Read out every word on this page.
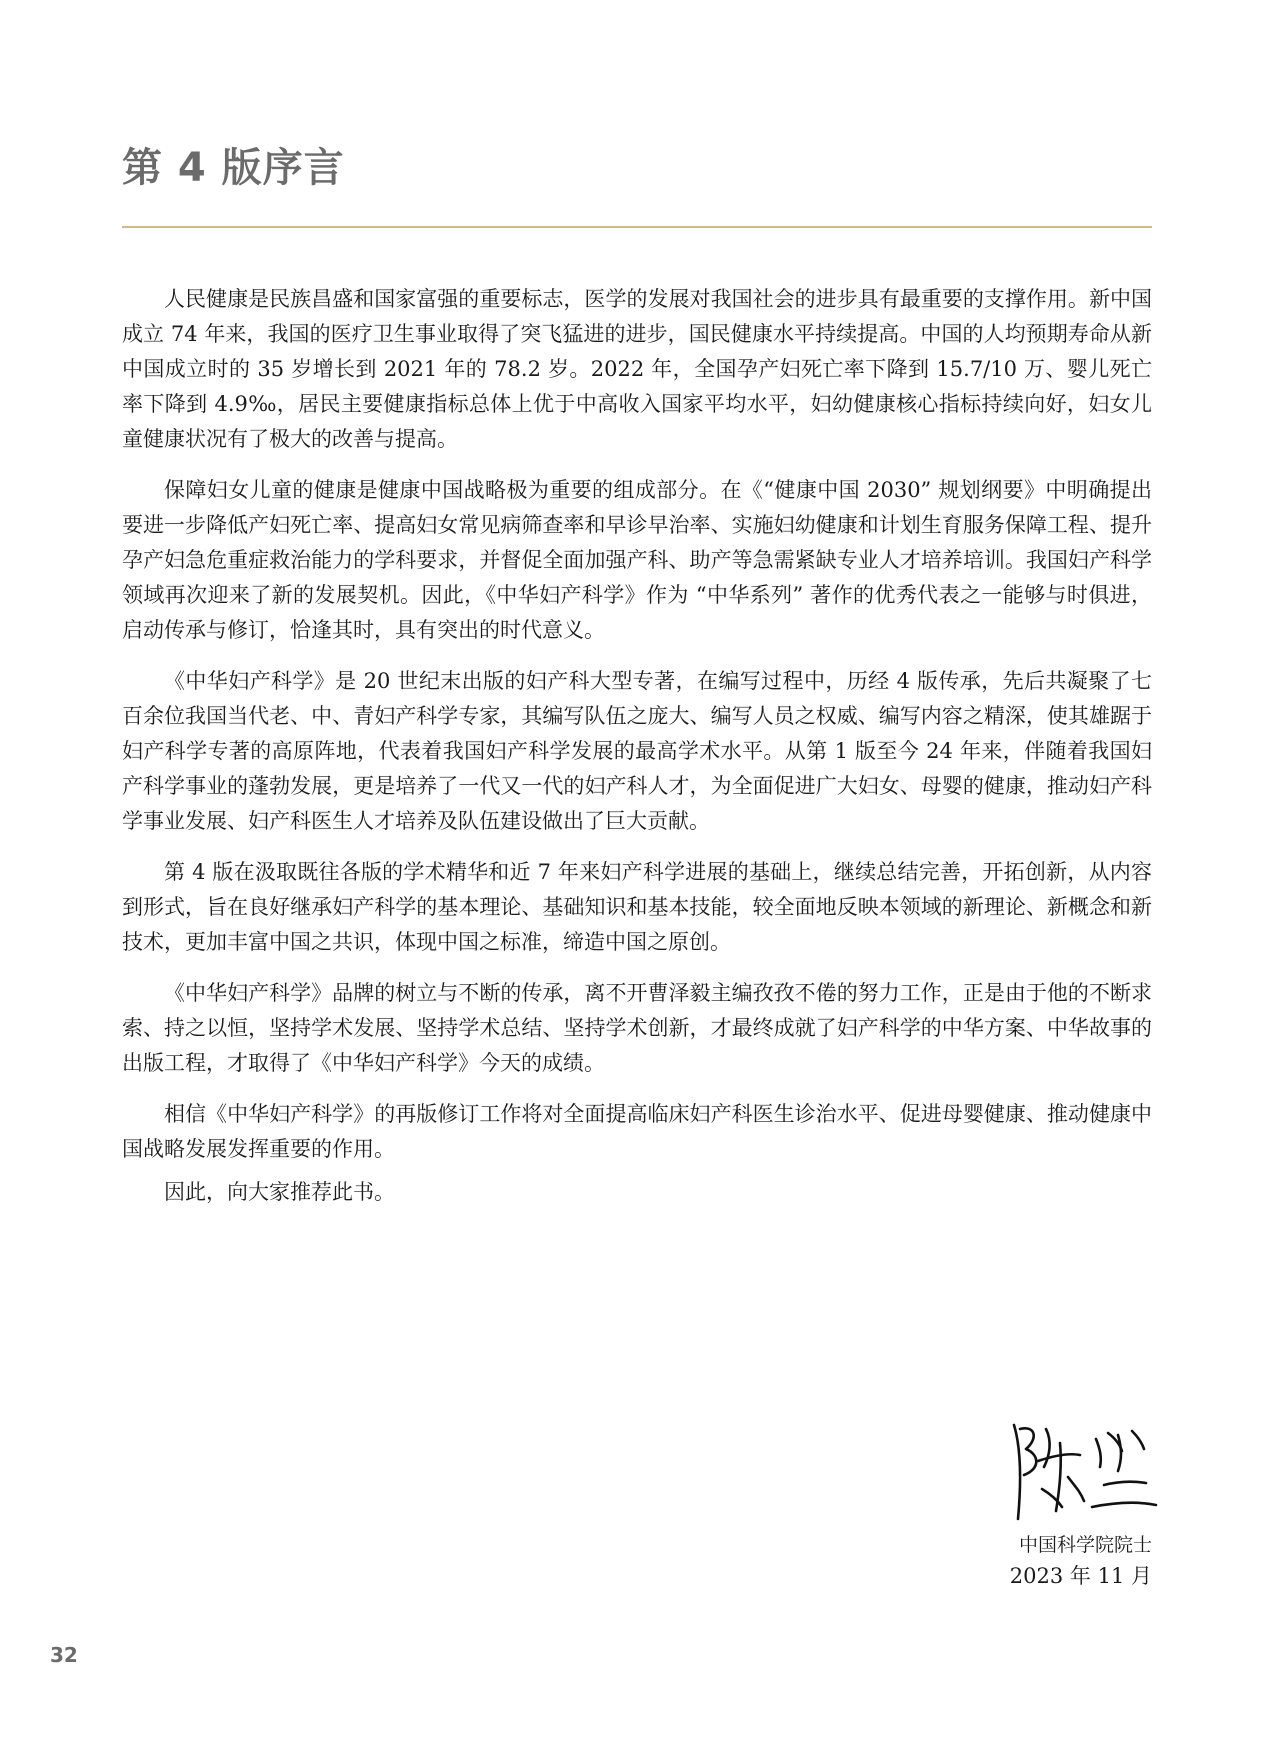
第 4 版序言

人民健康是民族昌盛和国家富强的重要标志，医学的发展对我国社会的进步具有最重要的支撑作用。新中国成立 74 年来，我国的医疗卫生事业取得了突飞猛进的进步，国民健康水平持续提高。中国的人均预期寿命从新中国成立时的 35 岁增长到 2021 年的 78.2 岁。2022 年，全国孕产妇死亡率下降到 15.7/10 万、婴儿死亡率下降到 4.9‰，居民主要健康指标总体上优于中高收入国家平均水平，妇幼健康核心指标持续向好，妇女儿童健康状况有了极大的改善与提高。

保障妇女儿童的健康是健康中国战略极为重要的组成部分。在《“健康中国 2030” 规划纲要》中明确提出要进一步降低产妇死亡率、提高妇女常见病筛查率和早诊早治率、实施妇幼健康和计划生育服务保障工程、提升孕产妇急危重症救治能力的学科要求，并督促全面加强产科、助产等急需紧缺专业人才培养培训。我国妇产科学领域再次迎来了新的发展契机。因此，《中华妇产科学》作为 “中华系列” 著作的优秀代表之一能够与时俱进，启动传承与修订，恰逢其时，具有突出的时代意义。

《中华妇产科学》是 20 世纪末出版的妇产科大型专著，在编写过程中，历经 4 版传承，先后共凝聚了七百余位我国当代老、中、青妇产科学专家，其编写队伍之庞大、编写人员之权威、编写内容之精深，使其雄踞于妇产科学专著的高原阵地，代表着我国妇产科学发展的最高学术水平。从第 1 版至今 24 年来，伴随着我国妇产科学事业的蓬勃发展，更是培养了一代又一代的妇产科人才，为全面促进广大妇女、母婴的健康，推动妇产科学事业发展、妇产科医生人才培养及队伍建设做出了巨大贡献。

第 4 版在汲取既往各版的学术精华和近 7 年来妇产科学进展的基础上，继续总结完善，开拓创新，从内容到形式，旨在良好继承妇产科学的基本理论、基础知识和基本技能，较全面地反映本领域的新理论、新概念和新技术，更加丰富中国之共识，体现中国之标准，缔造中国之原创。

《中华妇产科学》品牌的树立与不断的传承，离不开曹泽毅主编孜孜不倦的努力工作，正是由于他的不断求索、持之以恒，坚持学术发展、坚持学术总结、坚持学术创新，才最终成就了妇产科学的中华方案、中华故事的出版工程，才取得了《中华妇产科学》今天的成绩。

相信《中华妇产科学》的再版修订工作将对全面提高临床妇产科医生诊治水平、促进母婴健康、推动健康中国战略发展发挥重要的作用。

因此，向大家推荐此书。

中国科学院院士
2023 年 11 月
32
